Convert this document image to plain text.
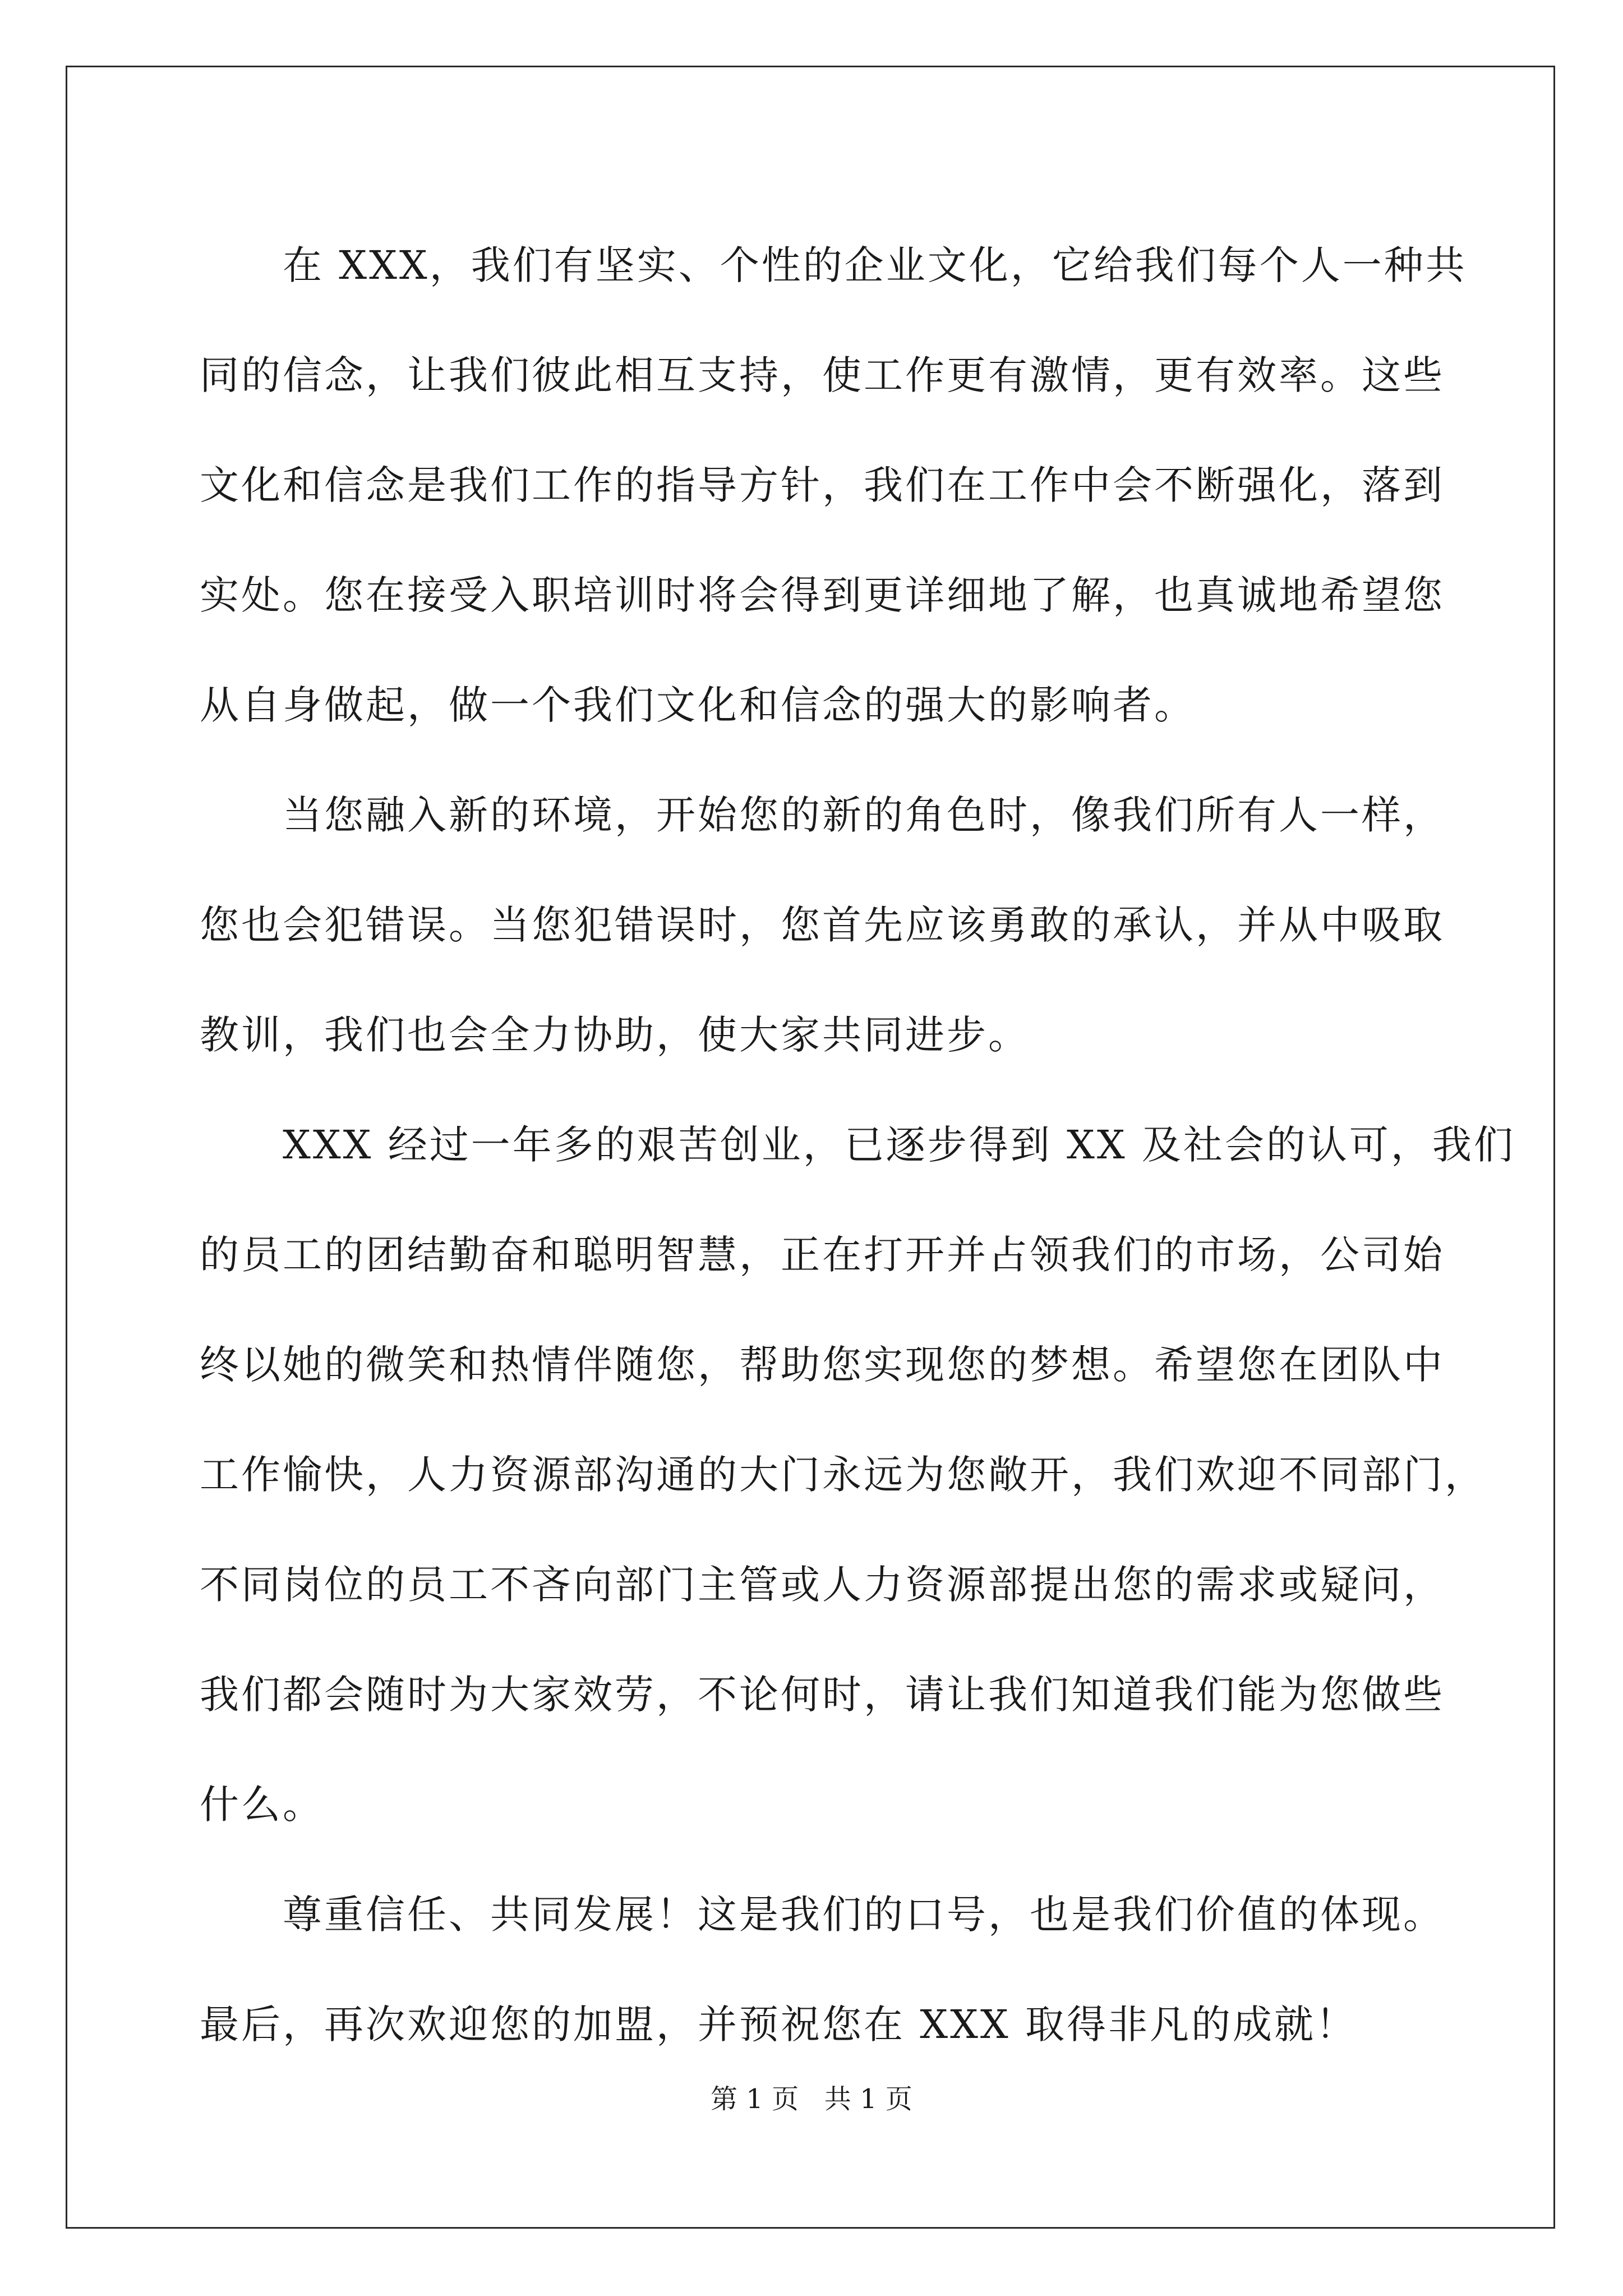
在 XXX，我们有坚实、个性的企业文化，它给我们每个人一种共

同的信念，让我们彼此相互支持，使工作更有激情，更有效率。这些

文化和信念是我们工作的指导方针，我们在工作中会不断强化，落到

实处。您在接受入职培训时将会得到更详细地了解，也真诚地希望您

从自身做起，做一个我们文化和信念的强大的影响者。

当您融入新的环境，开始您的新的角色时，像我们所有人一样，

您也会犯错误。当您犯错误时，您首先应该勇敢的承认，并从中吸取

教训，我们也会全力协助，使大家共同进步。

XXX 经过一年多的艰苦创业，已逐步得到 XX 及社会的认可，我们

的员工的团结勤奋和聪明智慧，正在打开并占领我们的市场，公司始

终以她的微笑和热情伴随您，帮助您实现您的梦想。希望您在团队中

工作愉快，人力资源部沟通的大门永远为您敞开，我们欢迎不同部门，

不同岗位的员工不吝向部门主管或人力资源部提出您的需求或疑问，

我们都会随时为大家效劳，不论何时，请让我们知道我们能为您做些

什么。

尊重信任、共同发展！这是我们的口号，也是我们价值的体现。

最后，再次欢迎您的加盟，并预祝您在 XXX 取得非凡的成就！

第 1 页   共 1 页
